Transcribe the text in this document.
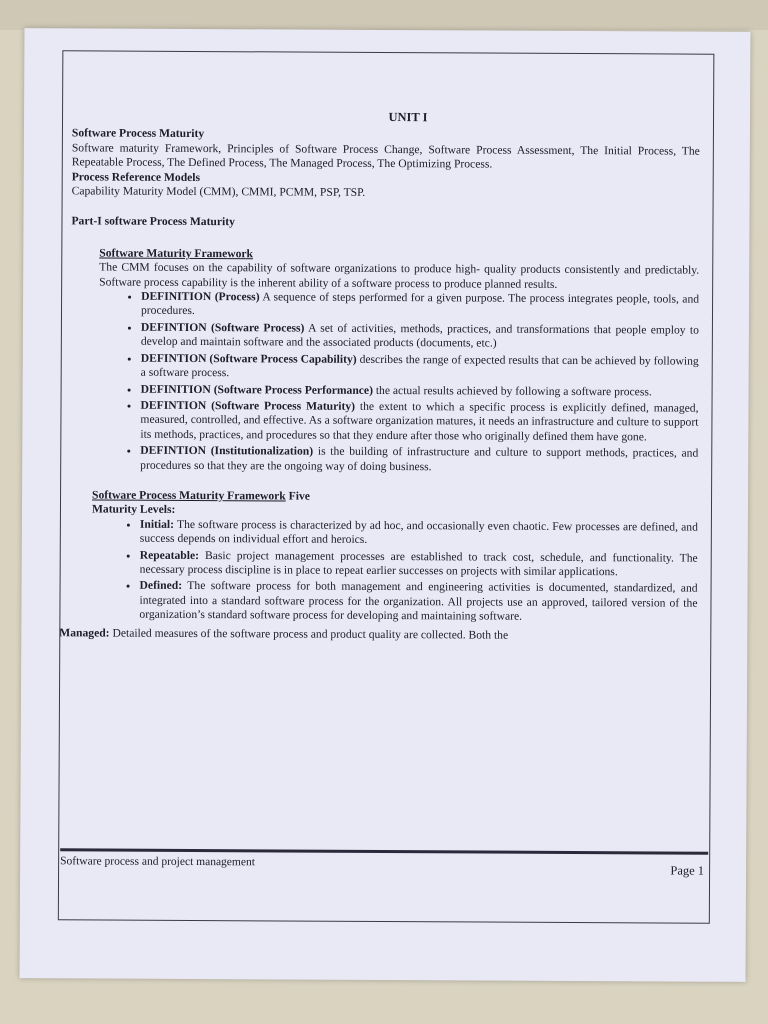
UNIT I
Software Process Maturity

Software maturity Framework, Principles of Software Process Change, Software Process Assessment, The Initial Process, The Repeatable Process, The Defined Process, The Managed Process, The Optimizing Process.

Process Reference Models

Capability Maturity Model (CMM), CMMI, PCMM, PSP, TSP.

Part-I software Process Maturity
Software Maturity Framework

The CMM focuses on the capability of software organizations to produce high- quality products consistently and predictably. Software process capability is the inherent ability of a software process to produce planned results.

• DEFINITION (Process) A sequence of steps performed for a given purpose. The process integrates people, tools, and procedures.
• DEFINTION (Software Process) A set of activities, methods, practices, and transformations that people employ to develop and maintain software and the associated products (documents, etc.)
• DEFINTION (Software Process Capability) describes the range of expected results that can be achieved by following a software process.
• DEFINITION (Software Process Performance) the actual results achieved by following a software process.
• DEFINTION (Software Process Maturity) the extent to which a specific process is explicitly defined, managed, measured, controlled, and effective. As a software organization matures, it needs an infrastructure and culture to support its methods, practices, and procedures so that they endure after those who originally defined them have gone.
• DEFINTION (Institutionalization) is the building of infrastructure and culture to support methods, practices, and procedures so that they are the ongoing way of doing business.
Software Process Maturity Framework Five
Maturity Levels:
• Initial: The software process is characterized by ad hoc, and occasionally even chaotic. Few processes are defined, and success depends on individual effort and heroics.
• Repeatable: Basic project management processes are established to track cost, schedule, and functionality. The necessary process discipline is in place to repeat earlier successes on projects with similar applications.
• Defined: The software process for both management and engineering activities is documented, standardized, and integrated into a standard software process for the organization. All projects use an approved, tailored version of the organization’s standard software process for developing and maintaining software.

Managed: Detailed measures of the software process and product quality are collected. Both the

Software process and project management
Page 1
